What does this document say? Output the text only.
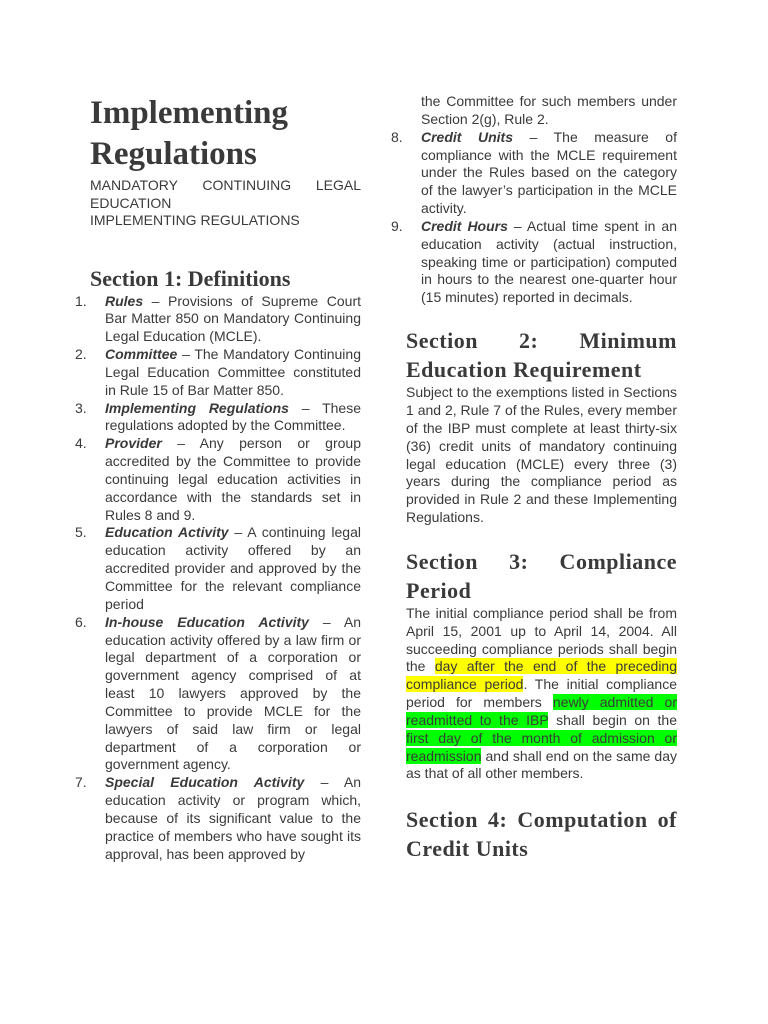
Implementing
Regulations

MANDATORY CONTINUING LEGAL EDUCATION
IMPLEMENTING REGULATIONS

Section 1: Definitions
1.	Rules – Provisions of Supreme Court Bar Matter 850 on Mandatory Continuing Legal Education (MCLE).
2.	Committee – The Mandatory Continuing Legal Education Committee constituted in Rule 15 of Bar Matter 850.
3.	Implementing Regulations – These regulations adopted by the Committee.
4.	Provider – Any person or group accredited by the Committee to provide continuing legal education activities in accordance with the standards set in Rules 8 and 9.
5.	Education Activity – A continuing legal education activity offered by an accredited provider and approved by the Committee for the relevant compliance period
6.	In-house Education Activity – An education activity offered by a law firm or legal department of a corporation or government agency comprised of at least 10 lawyers approved by the Committee to provide MCLE for the lawyers of said law firm or legal department of a corporation or government agency.
7.	Special Education Activity – An education activity or program which, because of its significant value to the practice of members who have sought its approval, has been approved by

the Committee for such members under Section 2(g), Rule 2.

8.	Credit Units – The measure of compliance with the MCLE requirement under the Rules based on the category of the lawyer’s participation in the MCLE activity.
9.	Credit Hours – Actual time spent in an education activity (actual instruction, speaking time or participation) computed in hours to the nearest one-quarter hour (15 minutes) reported in decimals.
Section 2: Minimum Education Requirement

Subject to the exemptions listed in Sections 1 and 2, Rule 7 of the Rules, every member of the IBP must complete at least thirty-six (36) credit units of mandatory continuing legal education (MCLE) every three (3) years during the compliance period as provided in Rule 2 and these Implementing Regulations.

Section 3: Compliance Period

The initial compliance period shall be from April 15, 2001 up to April 14, 2004. All succeeding compliance periods shall begin the day after the end of the preceding compliance period. The initial compliance period for members newly admitted or readmitted to the IBP shall begin on the first day of the month of admission or readmission and shall end on the same day as that of all other members.

Section 4: Computation of Credit Units
